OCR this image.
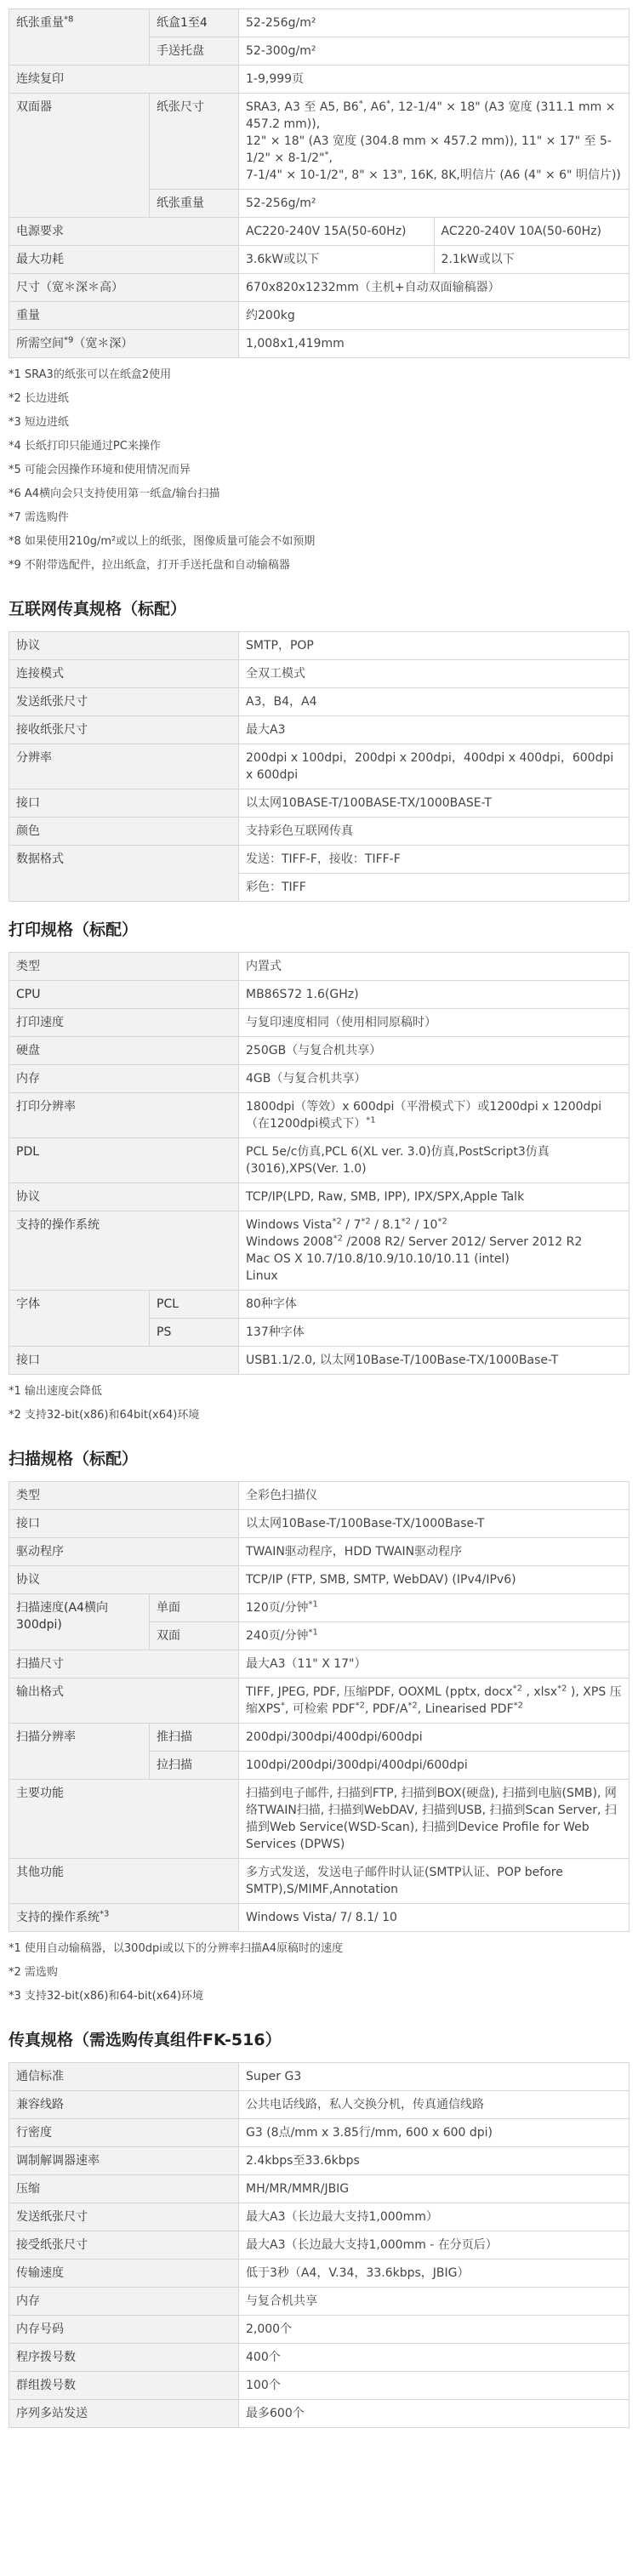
纸张重量$^{*8}$	纸盒1至4	52-256g/m²	
	手送托盘	52-300g/m²	
连续复印		1-9,999页	
双面器	纸张尺寸	SRA3, A3 至 A5, B6*, A6*, 12-1/4" × 18" (A3 宽度 (311.1 mm × 457.2 mm)),
12" × 18" (A3 宽度 (304.8 mm × 457.2 mm)), 11" × 17" 至 5-1/2" × 8-1/2"*,
7-1/4" × 10-1/2", 8" × 13", 16K, 8K,明信片 (A6 (4" × 6" 明信片))	

	纸张重量	52-256g/m²	
电源要求		AC220-240V 15A(50-60Hz)	AC220-240V 10A(50-60Hz)
最大功耗		3.6kW或以下	2.1kW或以下
尺寸（宽＊深＊高）		670x820x1232mm（主机+自动双面输稿器）	
重量		约200kg	
所需空间$^{*9}$（宽＊深）		1,008x1,419mm	
*1 SRA3的纸张可以在纸盒2使用
*2 长边进纸
*3 短边进纸
*4 长纸打印只能通过PC来操作
*5 可能会因操作环境和使用情况而异
*6 A4横向会只支持使用第一纸盒/输台扫描
*7 需选购件
*8 如果使用210g/m²或以上的纸张，图像质量可能会不如预期
*9 不附带选配件，拉出纸盒，打开手送托盘和自动输稿器
互联网传真规格（标配）
协议	SMTP，POP
连接模式	全双工模式
发送纸张尺寸	A3，B4，A4
接收纸张尺寸	最大A3
分辨率	200dpi x 100dpi，200dpi x 200dpi，400dpi x 400dpi，600dpi x 600dpi
接口	以太网10BASE-T/100BASE-TX/1000BASE-T
颜色	支持彩色互联网传真
数据格式	发送：TIFF-F，接收：TIFF-F
	彩色：TIFF
打印规格（标配）
类型		内置式
CPU		MB86S72 1.6(GHz)
打印速度		与复印速度相同（使用相同原稿时）
硬盘		250GB（与复合机共享）
内存		4GB（与复合机共享）
打印分辨率		1800dpi（等效）x 600dpi（平滑模式下）或1200dpi x 1200dpi（在1200dpi模式下）$^{*1}$
PDL		PCL 5e/c仿真,PCL 6(XL ver. 3.0)仿真,PostScript3仿真(3016),XPS(Ver. 1.0)
协议		TCP/IP(LPD, Raw, SMB, IPP), IPX/SPX,Apple Talk
支持的操作系统		Windows Vista$^{*2}$ / 7$^{*2}$ / 8.1$^{*2}$ / 10$^{*2}$
Windows 2008$^{*2}$ /2008 R2/ Server 2012/ Server 2012 R2
Mac OS X 10.7/10.8/10.9/10.10/10.11 (intel)
Linux

字体	PCL	80种字体
	PS	137种字体
接口		USB1.1/2.0, 以太网10Base-T/100Base-TX/1000Base-T
*1 输出速度会降低
*2 支持32-bit(x86)和64bit(x64)环境
扫描规格（标配）
类型		全彩色扫描仪
接口		以太网10Base-T/100Base-TX/1000Base-T
驱动程序		TWAIN驱动程序，HDD TWAIN驱动程序
协议		TCP/IP (FTP, SMB, SMTP, WebDAV) (IPv4/IPv6)
扫描速度(A4横向300dpi)	单面	120页/分钟$^{*1}$
	双面	240页/分钟$^{*1}$
扫描尺寸		最大A3（11" X 17"）
输出格式		TIFF, JPEG, PDF, 压缩PDF, OOXML (pptx, docx$^{*2}$ , xlsx$^{*2}$ ), XPS 压缩XPS*, 可检索 PDF$^{*2}$, PDF/$A^{*2}$, Linearised PDF$^{*2}$
扫描分辨率	推扫描	200dpi/300dpi/400dpi/600dpi
	拉扫描	100dpi/200dpi/300dpi/400dpi/600dpi
主要功能		扫描到电子邮件, 扫描到FTP, 扫描到BOX(硬盘), 扫描到电脑(SMB), 网络TWAIN扫描, 扫描到WebDAV, 扫描到USB, 扫描到Scan Server, 扫描到Web Service(WSD-Scan), 扫描到Device Profile for Web Services (DPWS)
其他功能		多方式发送，发送电子邮件时认证(SMTP认证、POP before SMTP),S/MIMF,Annotation
支持的操作系统$^{*3}$		Windows Vista/ 7/ 8.1/ 10
*1 使用自动输稿器，以300dpi或以下的分辨率扫描A4原稿时的速度
*2 需选购
*3 支持32-bit(x86)和64-bit(x64)环境
传真规格（需选购传真组件FK-516）
通信标准	Super G3
兼容线路	公共电话线路，私人交换分机，传真通信线路
行密度	G3 (8点/mm x 3.85行/mm, 600 x 600 dpi)
调制解调器速率	2.4kbps至33.6kbps
压缩	MH/MR/MMR/JBIG
发送纸张尺寸	最大A3（长边最大支持1,000mm）
接受纸张尺寸	最大A3（长边最大支持1,000mm - 在分页后）
传输速度	低于3秒（A4，V.34，33.6kbps，JBIG）
内存	与复合机共享
内存号码	2,000个
程序拨号数	400个
群组拨号数	100个
序列多站发送	最多600个
